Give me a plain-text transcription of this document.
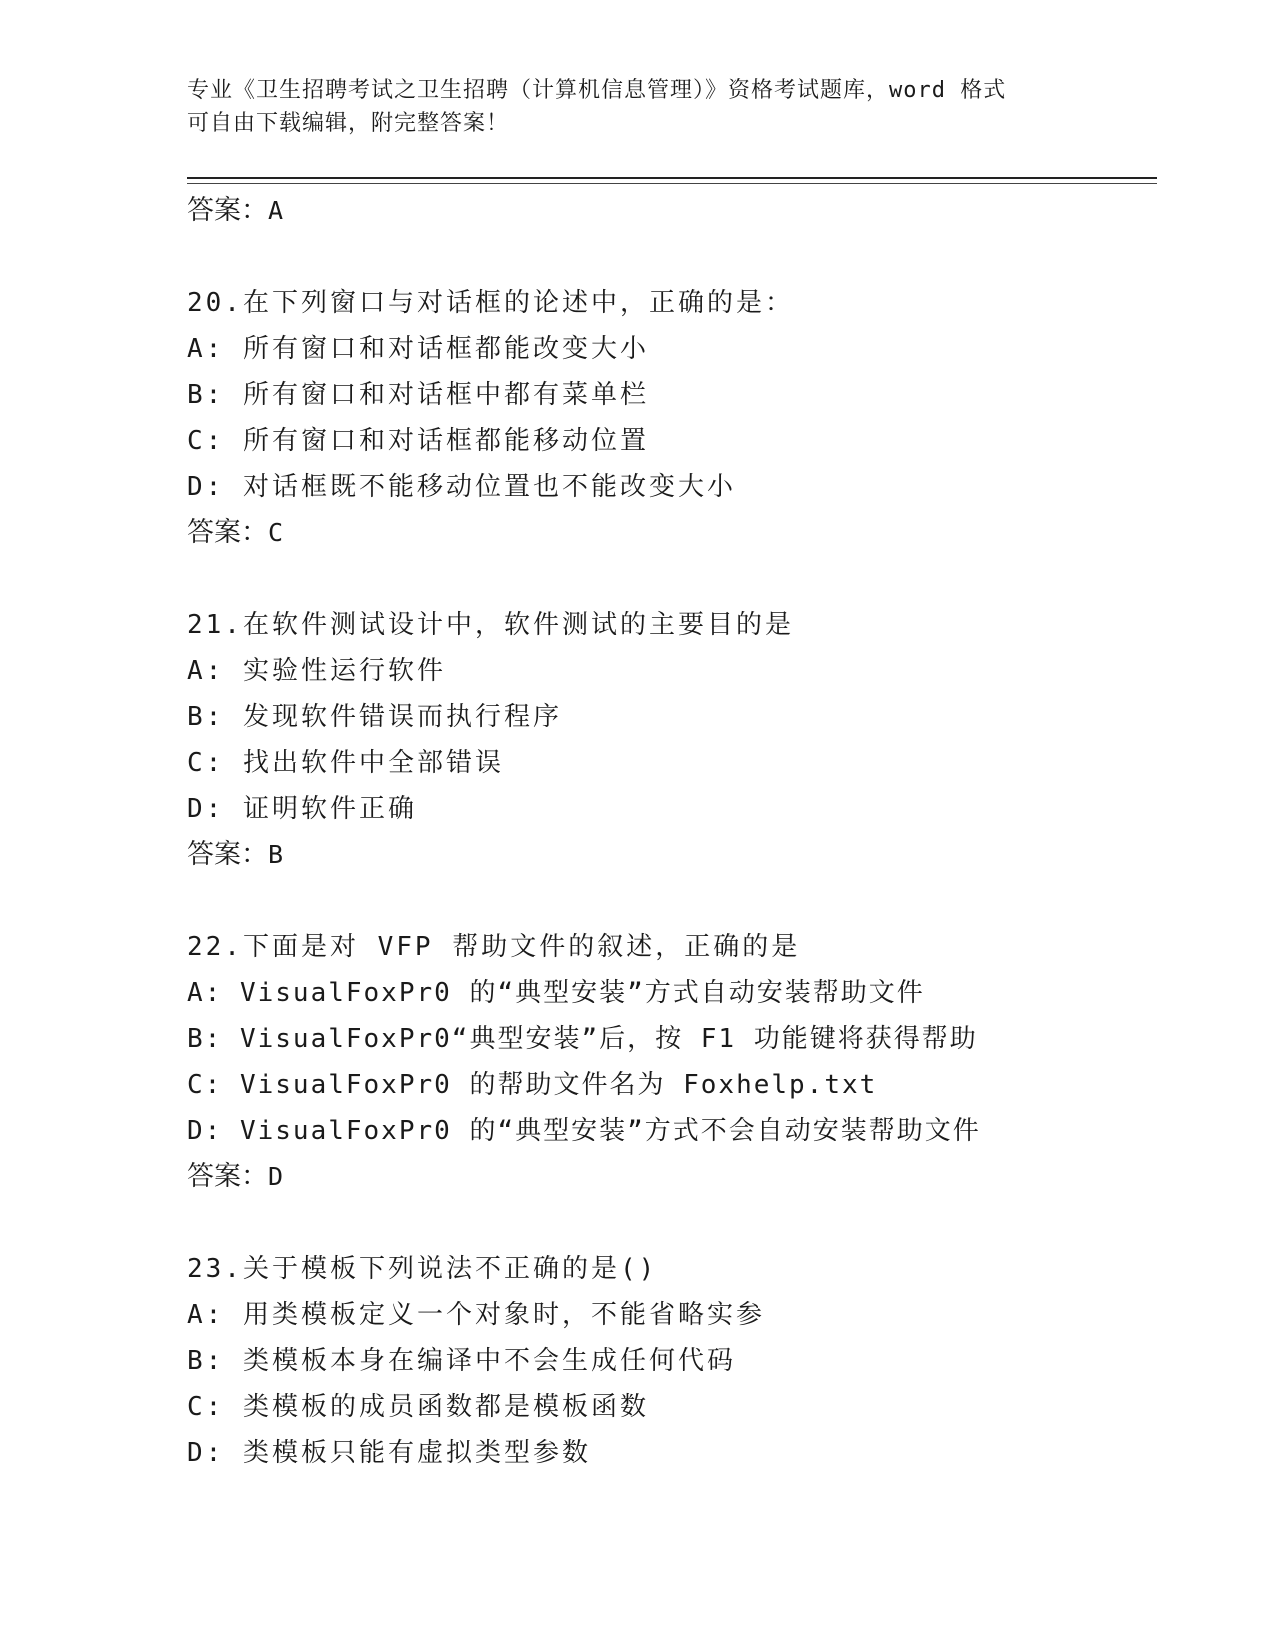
专业《卫生招聘考试之卫生招聘（计算机信息管理）》资格考试题库，word 格式
可自由下载编辑，附完整答案！
答案：A
20.在下列窗口与对话框的论述中，正确的是：
A: 所有窗口和对话框都能改变大小
B: 所有窗口和对话框中都有菜单栏
C: 所有窗口和对话框都能移动位置
D: 对话框既不能移动位置也不能改变大小
答案：C
21.在软件测试设计中，软件测试的主要目的是
A: 实验性运行软件
B: 发现软件错误而执行程序
C: 找出软件中全部错误
D: 证明软件正确
答案：B
22.下面是对 VFP 帮助文件的叙述，正确的是
A: VisualFoxPr0 的“典型安装”方式自动安装帮助文件
B: VisualFoxPr0“典型安装”后，按 F1 功能键将获得帮助
C: VisualFoxPr0 的帮助文件名为 Foxhelp.txt
D: VisualFoxPr0 的“典型安装”方式不会自动安装帮助文件
答案：D
23.关于模板下列说法不正确的是()
A: 用类模板定义一个对象时，不能省略实参
B: 类模板本身在编译中不会生成任何代码
C: 类模板的成员函数都是模板函数
D: 类模板只能有虚拟类型参数
